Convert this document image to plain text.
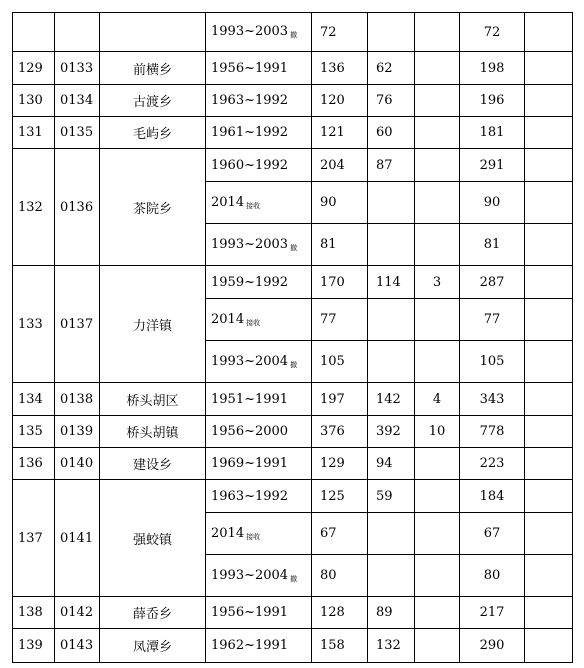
			1993~2003 $_撤$	72			72	
129	0133	前横乡	1956~1991	136	62		198	
130	0134	古渡乡	1963~1992	120	76		196	
131	0135	毛屿乡	1961~1992	121	60		181	
132	0136	茶院乡	1960~1992	204	87		291	
			2014 $_{接收}$	90			90	
			1993~2003 $_撤$	81			81	
133	0137	力洋镇	1959~1992	170	114	3	287	
			2014 $_{接收}$	77			77	
			1993~2004 $_撤$	105			105	
134	0138	桥头胡区	1951~1991	197	142	4	343	
135	0139	桥头胡镇	1956~2000	376	392	10	778	
136	0140	建设乡	1969~1991	129	94		223	
137	0141	强蛟镇	1963~1992	125	59		184	
			2014 $_{接收}$	67			67	
			1993~2004 $_撤$	80			80	
138	0142	薛岙乡	1956~1991	128	89		217	
139	0143	凤潭乡	1962~1991	158	132		290	
